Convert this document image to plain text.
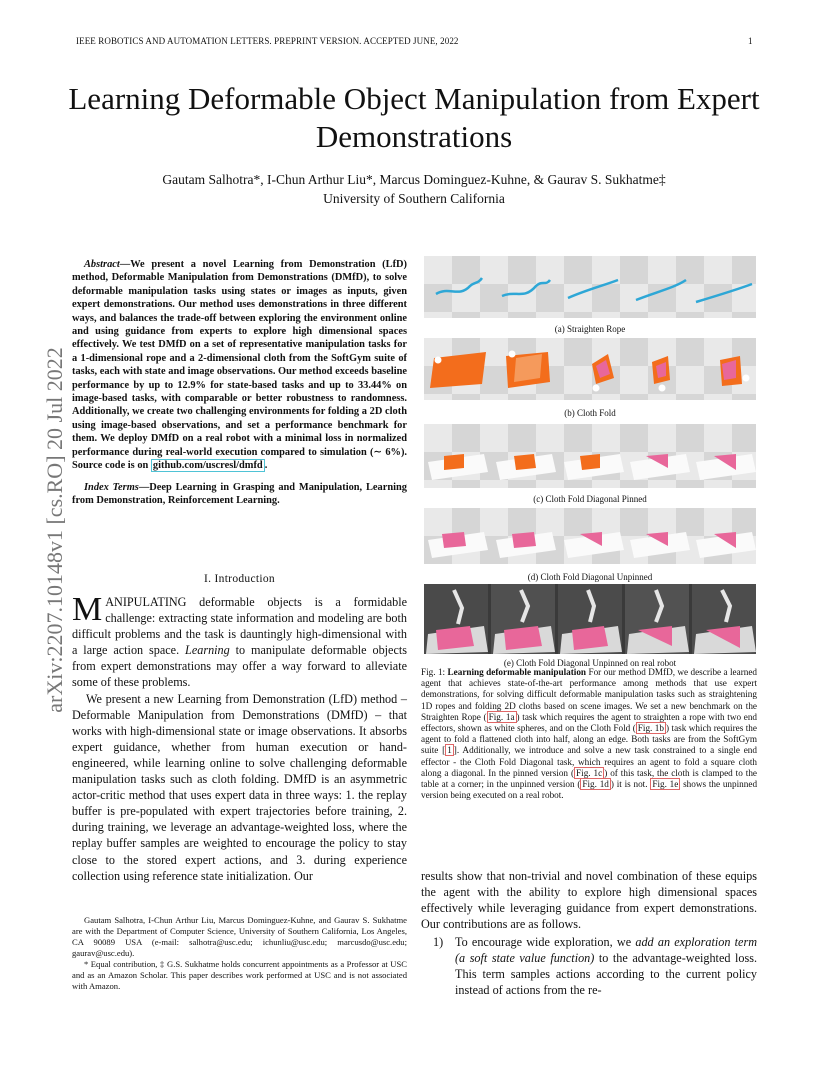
IEEE ROBOTICS AND AUTOMATION LETTERS. PREPRINT VERSION. ACCEPTED JUNE, 2022	1
Learning Deformable Object Manipulation from Expert Demonstrations
Gautam Salhotra*, I-Chun Arthur Liu*, Marcus Dominguez-Kuhne, & Gaurav S. Sukhatme‡
University of Southern California
arXiv:2207.10148v1 [cs.RO] 20 Jul 2022

Abstract—We present a novel Learning from Demonstration (LfD) method, Deformable Manipulation from Demonstrations (DMfD), to solve deformable manipulation tasks using states or images as inputs, given expert demonstrations. Our method uses demonstrations in three different ways, and balances the trade-off between exploring the environment online and using guidance from experts to explore high dimensional spaces effectively. We test DMfD on a set of representative manipulation tasks for a 1-dimensional rope and a 2-dimensional cloth from the SoftGym suite of tasks, each with state and image observations. Our method exceeds baseline performance by up to 12.9% for state-based tasks and up to 33.44% on image-based tasks, with comparable or better robustness to randomness. Additionally, we create two challenging environments for folding a 2D cloth using image-based observations, and set a performance benchmark for them. We deploy DMfD on a real robot with a minimal loss in normalized performance during real-world execution compared to simulation (∼ 6%). Source code is on github.com/uscresl/dmfd .

Index Terms—Deep Learning in Grasping and Manipulation, Learning from Demonstration, Reinforcement Learning.

I. Introduction

MANIPULATING deformable objects is a formidable challenge: extracting state information and modeling are both difficult problems and the task is dauntingly high-dimensional with a large action space. Learning to manipulate deformable objects from expert demonstrations may offer a way forward to alleviate some of these problems.

We present a new Learning from Demonstration (LfD) method – Deformable Manipulation from Demonstrations (DMfD) – that works with high-dimensional state or image observations. It absorbs expert guidance, whether from human execution or hand-engineered, while learning online to solve challenging deformable manipulation tasks such as cloth folding. DMfD is an asymmetric actor-critic method that uses expert data in three ways: 1. the replay buffer is pre-populated with expert trajectories before training, 2. during training, we leverage an advantage-weighted loss, where the replay buffer samples are weighted to encourage the policy to stay close to the stored expert actions, and 3. during experience collection using reference state initialization. Our

Gautam Salhotra, I-Chun Arthur Liu, Marcus Dominguez-Kuhne, and Gaurav S. Sukhatme are with the Department of Computer Science, University of Southern California, Los Angeles, CA 90089 USA (e-mail: salhotra@usc.edu; ichunliu@usc.edu; marcusdo@usc.edu; gaurav@usc.edu).
* Equal contribution, ‡ G.S. Sukhatme holds concurrent appointments as a Professor at USC and as an Amazon Scholar. This paper describes work performed at USC and is not associated with Amazon.
(a) Straighten Rope
(b) Cloth Fold
(c) Cloth Fold Diagonal Pinned
(d) Cloth Fold Diagonal Unpinned
(e) Cloth Fold Diagonal Unpinned on real robot
Fig. 1: Learning deformable manipulation For our method DMfD, we describe a learned agent that achieves state-of-the-art performance among methods that use expert demonstrations, for solving difficult deformable manipulation tasks such as straightening 1D ropes and folding 2D cloths based on scene images. We set a new benchmark on the Straighten Rope ( Fig. 1a ) task which requires the agent to straighten a rope with two end effectors, shown as white spheres, and on the Cloth Fold ( Fig. 1b ) task which requires the agent to fold a flattened cloth into half, along an edge. Both tasks are from the SoftGym suite [ 1 ]. Additionally, we introduce and solve a new task constrained to a single end effector - the Cloth Fold Diagonal task, which requires an agent to fold a square cloth along a diagonal. In the pinned version ( Fig. 1c ) of this task, the cloth is clamped to the table at a corner; in the unpinned version ( Fig. 1d ) it is not. Fig. 1e shows the unpinned version being executed on a real robot.
results show that non-trivial and novel combination of these equips the agent with the ability to explore high dimensional spaces effectively while leveraging guidance from expert demonstrations. Our contributions are as follows.
1) To encourage wide exploration, we add an exploration term (a soft state value function) to the advantage-weighted loss. This term samples actions according to the current policy instead of actions from the re-
